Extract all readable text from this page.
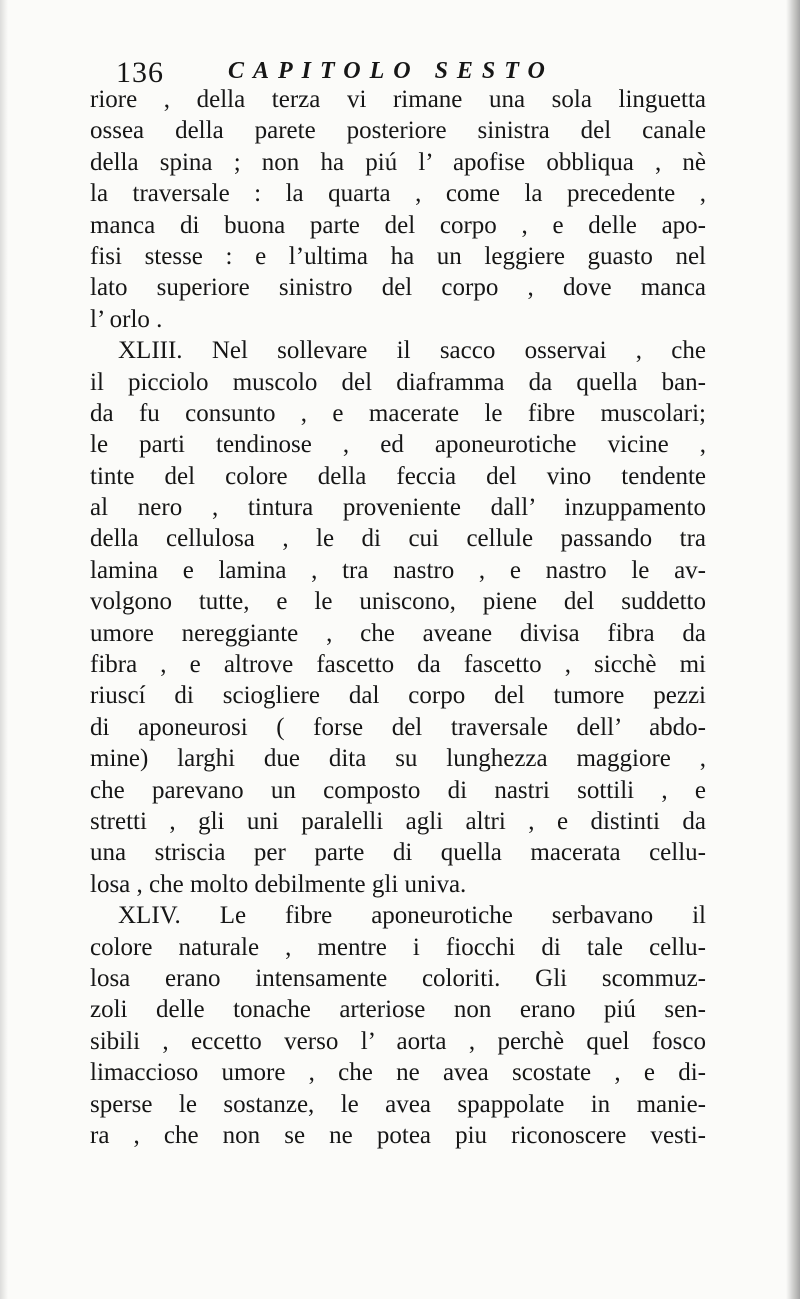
136	CAPITOLO SESTO
riore , della terza vi rimane una sola linguetta
ossea della parete posteriore sinistra del canale
della spina ; non ha piú l’ apofise obbliqua , nè
la traversale : la quarta , come la precedente ,
manca di buona parte del corpo , e delle apo-
fisi stesse : e l’ultima ha un leggiere guasto nel
lato superiore sinistro del corpo , dove manca
l’ orlo .
XLIII. Nel sollevare il sacco osservai , che
il picciolo muscolo del diaframma da quella ban-
da fu consunto , e macerate le fibre muscolari;
le parti tendinose , ed aponeurotiche vicine ,
tinte del colore della feccia del vino tendente
al nero , tintura proveniente dall’ inzuppamento
della cellulosa , le di cui cellule passando tra
lamina e lamina , tra nastro , e nastro le av-
volgono tutte, e le uniscono, piene del suddetto
umore nereggiante , che aveane divisa fibra da
fibra , e altrove fascetto da fascetto , sicchè mi
riuscí di sciogliere dal corpo del tumore pezzi
di aponeurosi ( forse del traversale dell’ abdo-
mine) larghi due dita su lunghezza maggiore ,
che parevano un composto di nastri sottili , e
stretti , gli uni paralelli agli altri , e distinti da
una striscia per parte di quella macerata cellu-
losa , che molto debilmente gli univa.
XLIV. Le fibre aponeurotiche serbavano il
colore naturale , mentre i fiocchi di tale cellu-
losa erano intensamente coloriti. Gli scommuz-
zoli delle tonache arteriose non erano piú sen-
sibili , eccetto verso l’ aorta , perchè quel fosco
limaccioso umore , che ne avea scostate , e di-
sperse le sostanze, le avea spappolate in manie-
ra , che non se ne potea piu riconoscere vesti-
